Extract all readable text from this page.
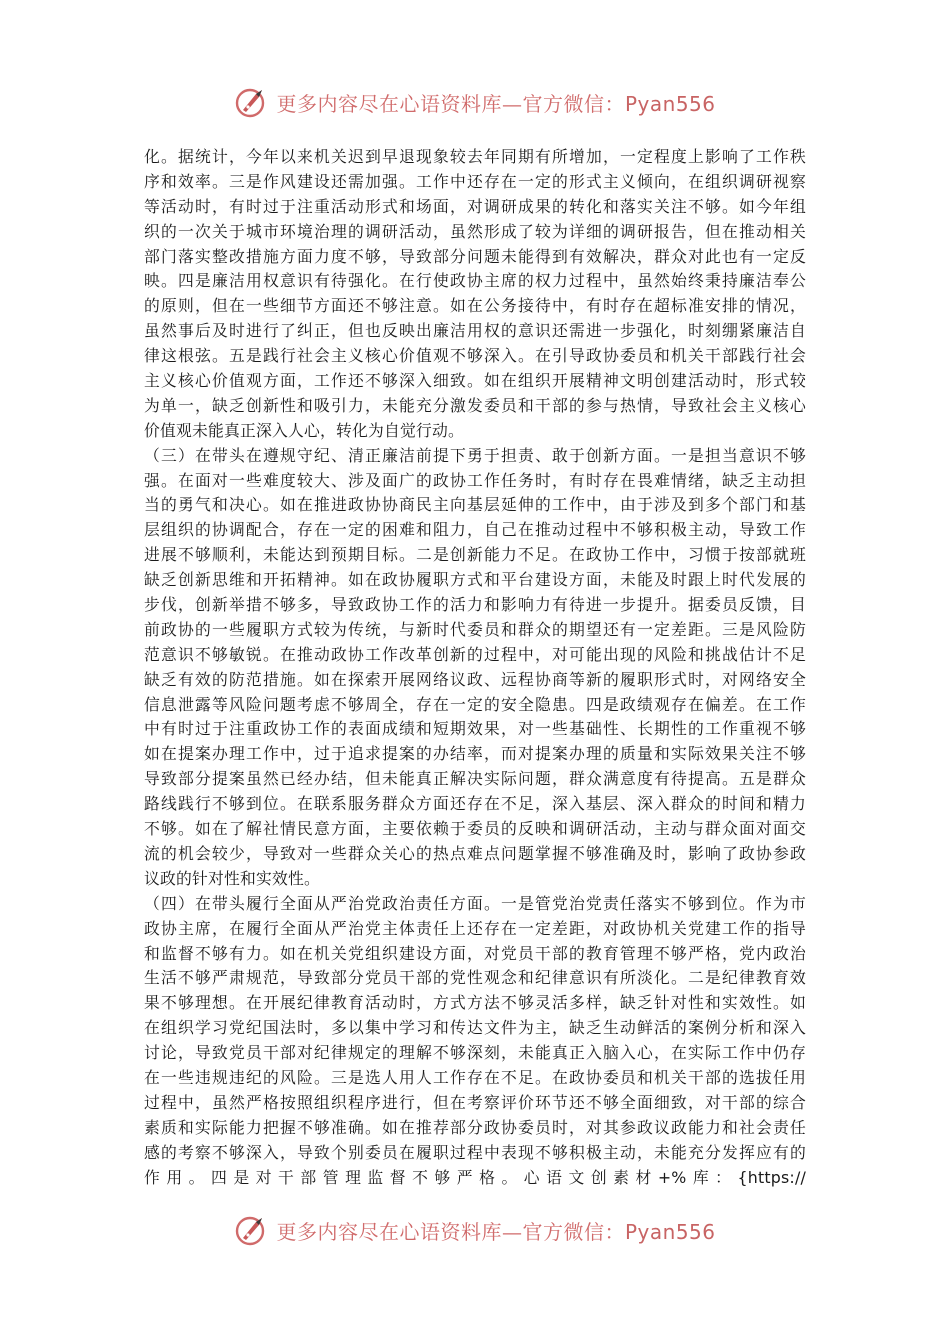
更多内容尽在心语资料库—官方微信：Pyan556
化。据统计，今年以来机关迟到早退现象较去年同期有所增加，一定程度上影响了工作秩
序和效率。三是作风建设还需加强。工作中还存在一定的形式主义倾向，在组织调研视察
等活动时，有时过于注重活动形式和场面，对调研成果的转化和落实关注不够。如今年组
织的一次关于城市环境治理的调研活动，虽然形成了较为详细的调研报告，但在推动相关
部门落实整改措施方面力度不够，导致部分问题未能得到有效解决，群众对此也有一定反
映。四是廉洁用权意识有待强化。在行使政协主席的权力过程中，虽然始终秉持廉洁奉公
的原则，但在一些细节方面还不够注意。如在公务接待中，有时存在超标准安排的情况，
虽然事后及时进行了纠正，但也反映出廉洁用权的意识还需进一步强化，时刻绷紧廉洁自
律这根弦。五是践行社会主义核心价值观不够深入。在引导政协委员和机关干部践行社会
主义核心价值观方面，工作还不够深入细致。如在组织开展精神文明创建活动时，形式较
为单一，缺乏创新性和吸引力，未能充分激发委员和干部的参与热情，导致社会主义核心
价值观未能真正深入人心，转化为自觉行动。
（三）在带头在遵规守纪、清正廉洁前提下勇于担责、敢于创新方面。一是担当意识不够
强。在面对一些难度较大、涉及面广的政协工作任务时，有时存在畏难情绪，缺乏主动担
当的勇气和决心。如在推进政协协商民主向基层延伸的工作中，由于涉及到多个部门和基
层组织的协调配合，存在一定的困难和阻力，自己在推动过程中不够积极主动，导致工作
进展不够顺利，未能达到预期目标。二是创新能力不足。在政协工作中，习惯于按部就班
缺乏创新思维和开拓精神。如在政协履职方式和平台建设方面，未能及时跟上时代发展的
步伐，创新举措不够多，导致政协工作的活力和影响力有待进一步提升。据委员反馈，目
前政协的一些履职方式较为传统，与新时代委员和群众的期望还有一定差距。三是风险防
范意识不够敏锐。在推动政协工作改革创新的过程中，对可能出现的风险和挑战估计不足
缺乏有效的防范措施。如在探索开展网络议政、远程协商等新的履职形式时，对网络安全
信息泄露等风险问题考虑不够周全，存在一定的安全隐患。四是政绩观存在偏差。在工作
中有时过于注重政协工作的表面成绩和短期效果，对一些基础性、长期性的工作重视不够
如在提案办理工作中，过于追求提案的办结率，而对提案办理的质量和实际效果关注不够
导致部分提案虽然已经办结，但未能真正解决实际问题，群众满意度有待提高。五是群众
路线践行不够到位。在联系服务群众方面还存在不足，深入基层、深入群众的时间和精力
不够。如在了解社情民意方面，主要依赖于委员的反映和调研活动，主动与群众面对面交
流的机会较少，导致对一些群众关心的热点难点问题掌握不够准确及时，影响了政协参政
议政的针对性和实效性。
（四）在带头履行全面从严治党政治责任方面。一是管党治党责任落实不够到位。作为市
政协主席，在履行全面从严治党主体责任上还存在一定差距，对政协机关党建工作的指导
和监督不够有力。如在机关党组织建设方面，对党员干部的教育管理不够严格，党内政治
生活不够严肃规范，导致部分党员干部的党性观念和纪律意识有所淡化。二是纪律教育效
果不够理想。在开展纪律教育活动时，方式方法不够灵活多样，缺乏针对性和实效性。如
在组织学习党纪国法时，多以集中学习和传达文件为主，缺乏生动鲜活的案例分析和深入
讨论，导致党员干部对纪律规定的理解不够深刻，未能真正入脑入心，在实际工作中仍存
在一些违规违纪的风险。三是选人用人工作存在不足。在政协委员和机关干部的选拔任用
过程中，虽然严格按照组织程序进行，但在考察评价环节还不够全面细致，对干部的综合
素质和实际能力把握不够准确。如在推荐部分政协委员时，对其参政议政能力和社会责任
感的考察不够深入，导致个别委员在履职过程中表现不够积极主动，未能充分发挥应有的
作用。四是对干部管理监督不够严格。心语文创素材+%库：{https://
更多内容尽在心语资料库—官方微信：Pyan556
